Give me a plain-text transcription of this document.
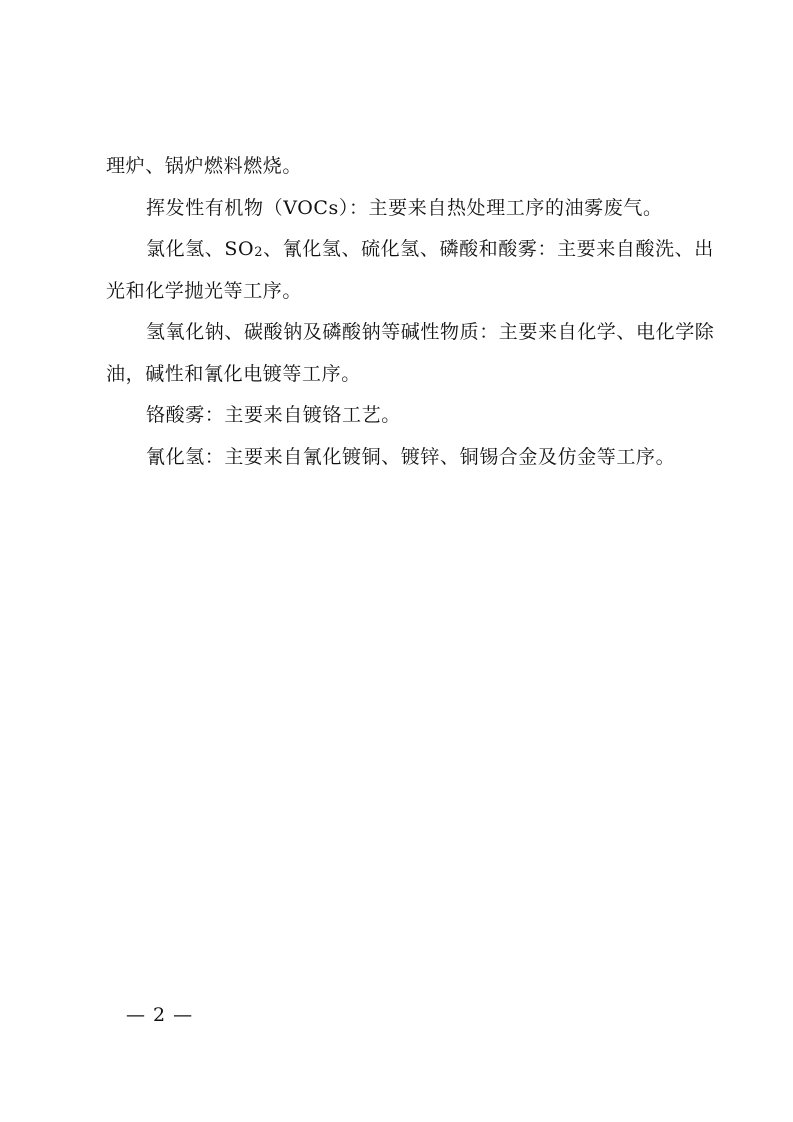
理炉、锅炉燃料燃烧。
挥发性有机物（VOCs）：主要来自热处理工序的油雾废气。
氯化氢、$SO_2$、氰化氢、硫化氢、磷酸和酸雾：主要来自酸洗、出
光和化学抛光等工序。
氢氧化钠、碳酸钠及磷酸钠等碱性物质：主要来自化学、电化学除
油，碱性和氰化电镀等工序。
铬酸雾：主要来自镀铬工艺。
氰化氢：主要来自氰化镀铜、镀锌、铜锡合金及仿金等工序。
— 2 —
